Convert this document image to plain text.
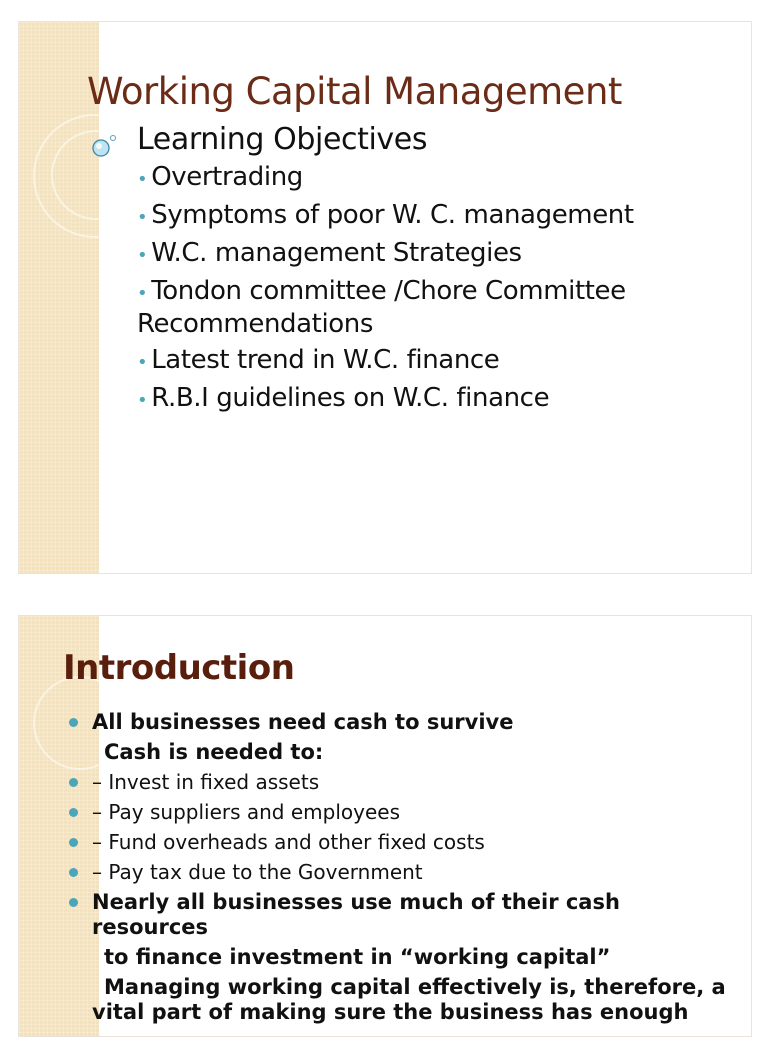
Working Capital Management
Learning Objectives
• Overtrading
• Symptoms of poor W. C. management
• W.C. management Strategies
• Tondon committee /Chore Committee Recommendations
• Latest trend in W.C. finance
• R.B.I guidelines on W.C. finance
Introduction
All businesses need cash to survive
Cash is needed to:
– Invest in fixed assets
– Pay suppliers and employees
– Fund overheads and other fixed costs
– Pay tax due to the Government
Nearly all businesses use much of their cash resources
to finance investment in “working capital”
Managing working capital effectively is, therefore, a vital part of making sure the business has enough
